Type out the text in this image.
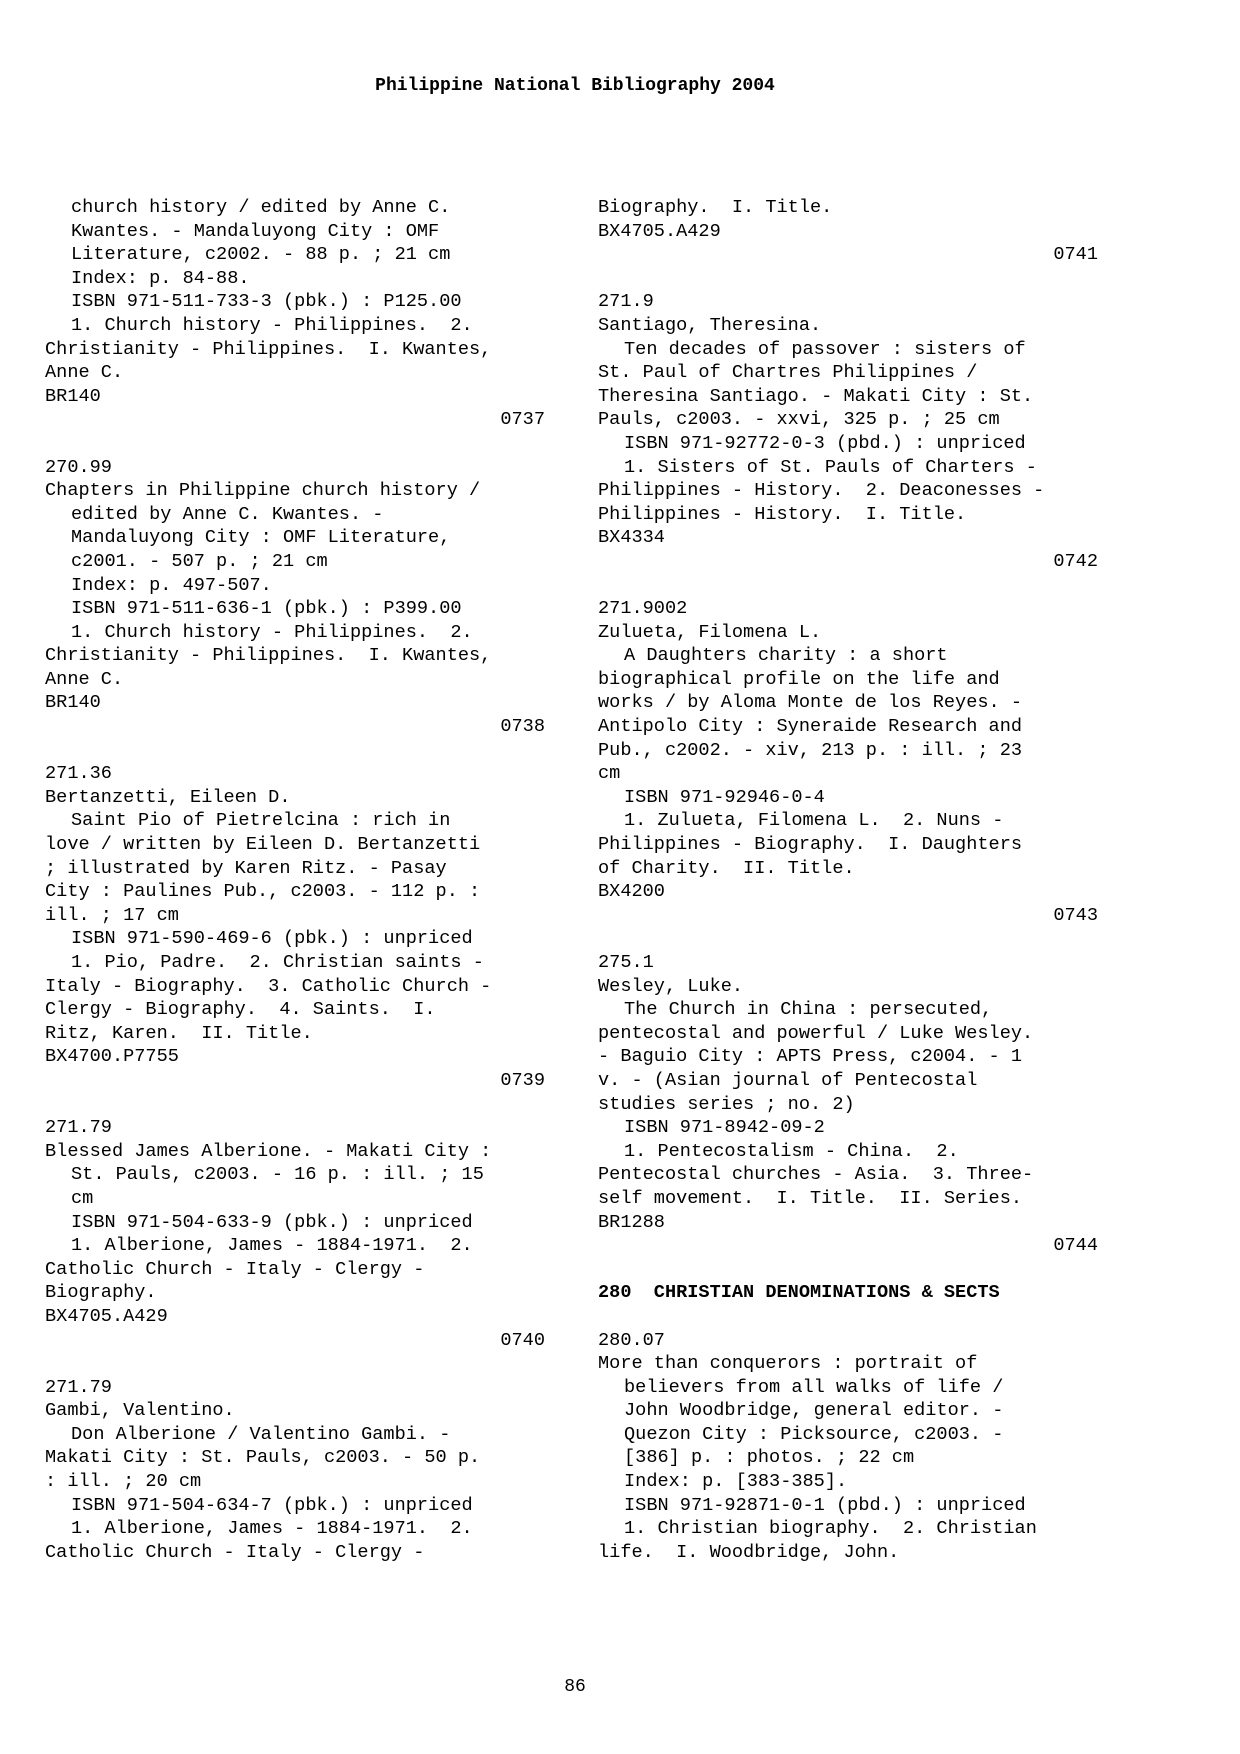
Philippine National Bibliography 2004
church history / edited by Anne C.
Kwantes. - Mandaluyong City : OMF
Literature, c2002. - 88 p. ; 21 cm
Index: p. 84-88.
ISBN 971-511-733-3 (pbk.) : P125.00
1. Church history - Philippines.  2.
Christianity - Philippines.  I. Kwantes,
Anne C.
BR140
0737
270.99
Chapters in Philippine church history /
edited by Anne C. Kwantes. -
Mandaluyong City : OMF Literature,
c2001. - 507 p. ; 21 cm
Index: p. 497-507.
ISBN 971-511-636-1 (pbk.) : P399.00
1. Church history - Philippines.  2.
Christianity - Philippines.  I. Kwantes,
Anne C.
BR140
0738
271.36
Bertanzetti, Eileen D.
Saint Pio of Pietrelcina : rich in
love / written by Eileen D. Bertanzetti
; illustrated by Karen Ritz. - Pasay
City : Paulines Pub., c2003. - 112 p. :
ill. ; 17 cm
ISBN 971-590-469-6 (pbk.) : unpriced
1. Pio, Padre.  2. Christian saints -
Italy - Biography.  3. Catholic Church -
Clergy - Biography.  4. Saints.  I.
Ritz, Karen.  II. Title.
BX4700.P7755
0739
271.79
Blessed James Alberione. - Makati City :
St. Pauls, c2003. - 16 p. : ill. ; 15
cm
ISBN 971-504-633-9 (pbk.) : unpriced
1. Alberione, James - 1884-1971.  2.
Catholic Church - Italy - Clergy -
Biography.
BX4705.A429
0740
271.79
Gambi, Valentino.
Don Alberione / Valentino Gambi. -
Makati City : St. Pauls, c2003. - 50 p.
: ill. ; 20 cm
ISBN 971-504-634-7 (pbk.) : unpriced
1. Alberione, James - 1884-1971.  2.
Catholic Church - Italy - Clergy -
Biography.  I. Title.
BX4705.A429
0741
271.9
Santiago, Theresina.
Ten decades of passover : sisters of
St. Paul of Chartres Philippines /
Theresina Santiago. - Makati City : St.
Pauls, c2003. - xxvi, 325 p. ; 25 cm
ISBN 971-92772-0-3 (pbd.) : unpriced
1. Sisters of St. Pauls of Charters -
Philippines - History.  2. Deaconesses -
Philippines - History.  I. Title.
BX4334
0742
271.9002
Zulueta, Filomena L.
A Daughters charity : a short
biographical profile on the life and
works / by Aloma Monte de los Reyes. -
Antipolo City : Syneraide Research and
Pub., c2002. - xiv, 213 p. : ill. ; 23
cm
ISBN 971-92946-0-4
1. Zulueta, Filomena L.  2. Nuns -
Philippines - Biography.  I. Daughters
of Charity.  II. Title.
BX4200
0743
275.1
Wesley, Luke.
The Church in China : persecuted,
pentecostal and powerful / Luke Wesley.
- Baguio City : APTS Press, c2004. - 1
v. - (Asian journal of Pentecostal
studies series ; no. 2)
ISBN 971-8942-09-2
1. Pentecostalism - China.  2.
Pentecostal churches - Asia.  3. Three-
self movement.  I. Title.  II. Series.
BR1288
0744
280  CHRISTIAN DENOMINATIONS & SECTS
280.07
More than conquerors : portrait of
believers from all walks of life /
John Woodbridge, general editor. -
Quezon City : Picksource, c2003. -
[386] p. : photos. ; 22 cm
Index: p. [383-385].
ISBN 971-92871-0-1 (pbd.) : unpriced
1. Christian biography.  2. Christian
life.  I. Woodbridge, John.
86
